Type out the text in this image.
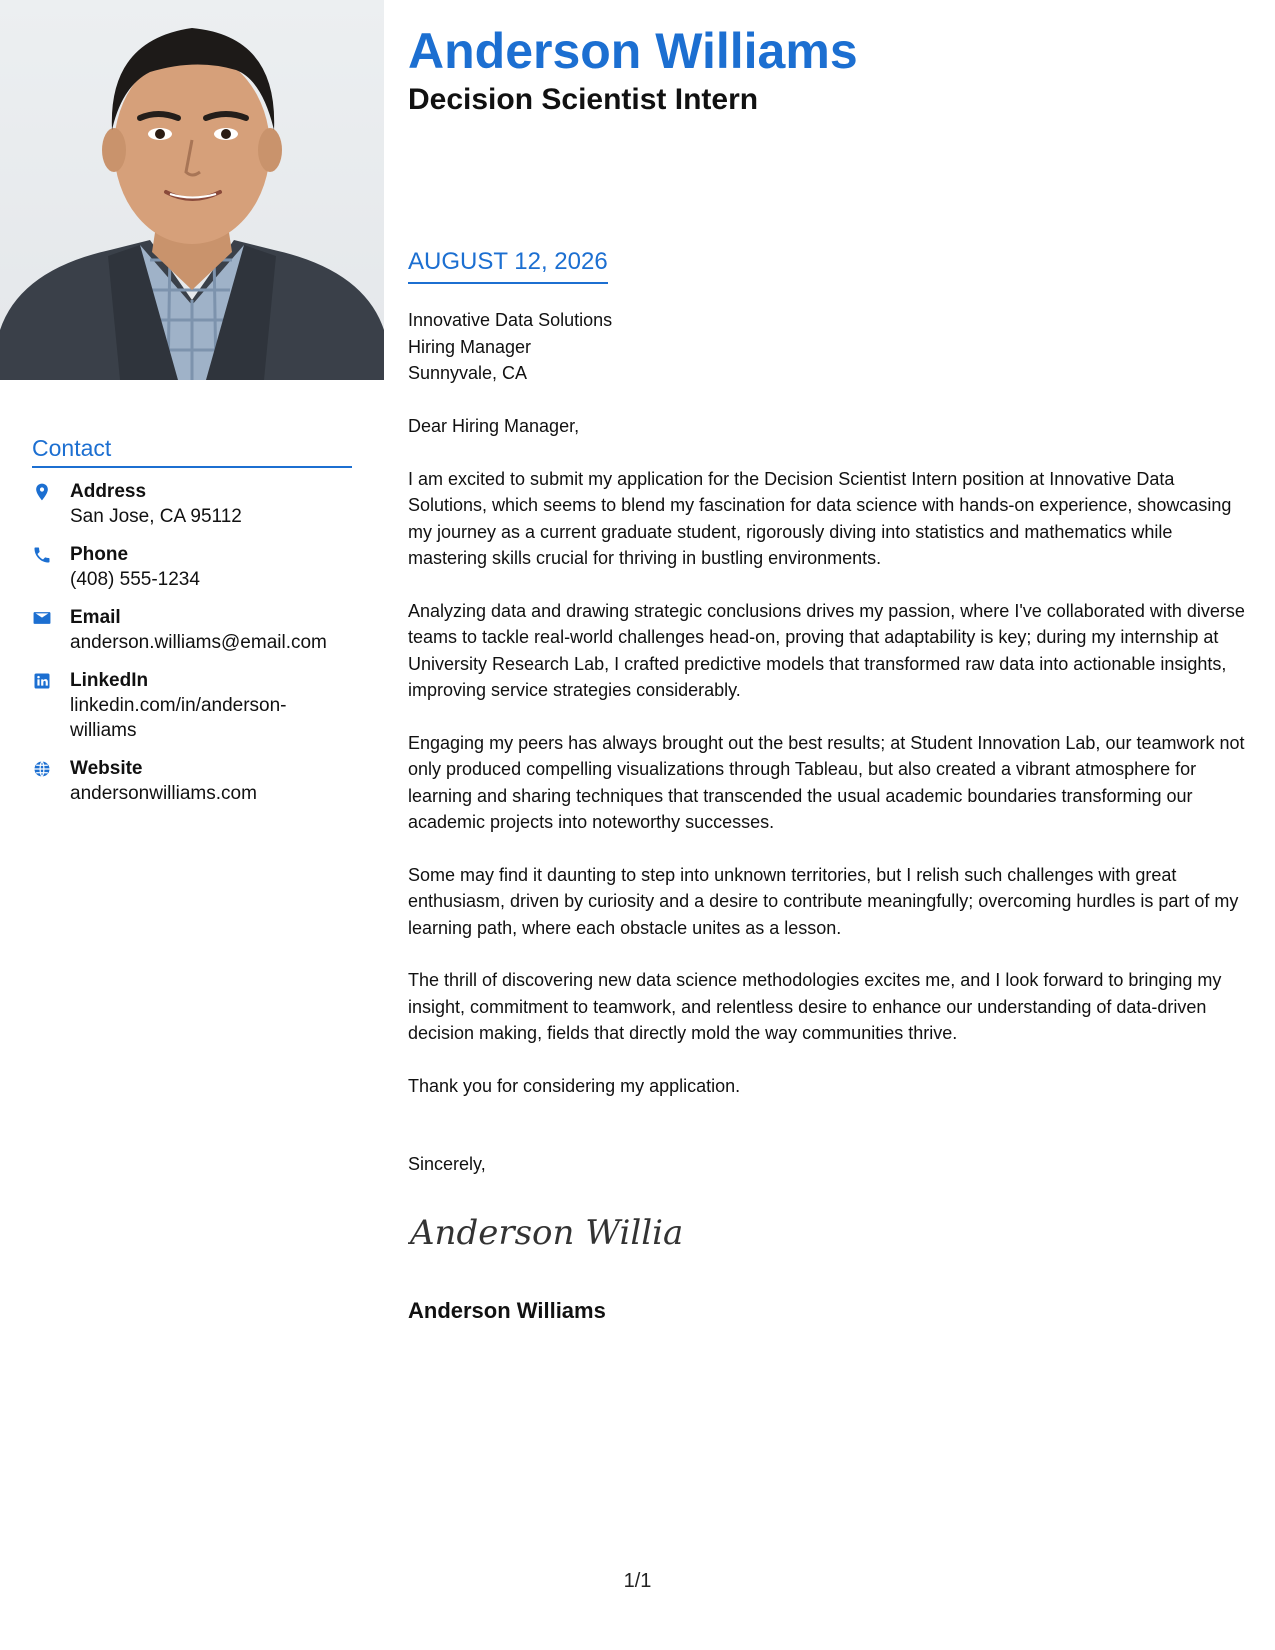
Contact
Address
San Jose, CA 95112
Phone
(408) 555-1234
Email
anderson.williams@email.com
LinkedIn
linkedin.com/in/anderson-williams
Website
andersonwilliams.com
Anderson Williams
Decision Scientist Intern
AUGUST 12, 2026
Innovative Data Solutions
Hiring Manager
Sunnyvale, CA

Dear Hiring Manager,

I am excited to submit my application for the Decision Scientist Intern position at Innovative Data Solutions, which seems to blend my fascination for data science with hands-on experience, showcasing my journey as a current graduate student, rigorously diving into statistics and mathematics while mastering skills crucial for thriving in bustling environments.

Analyzing data and drawing strategic conclusions drives my passion, where I've collaborated with diverse teams to tackle real-world challenges head-on, proving that adaptability is key; during my internship at University Research Lab, I crafted predictive models that transformed raw data into actionable insights, improving service strategies considerably.

Engaging my peers has always brought out the best results; at Student Innovation Lab, our teamwork not only produced compelling visualizations through Tableau, but also created a vibrant atmosphere for learning and sharing techniques that transcended the usual academic boundaries transforming our academic projects into noteworthy successes.

Some may find it daunting to step into unknown territories, but I relish such challenges with great enthusiasm, driven by curiosity and a desire to contribute meaningfully; overcoming hurdles is part of my learning path, where each obstacle unites as a lesson.

The thrill of discovering new data science methodologies excites me, and I look forward to bringing my insight, commitment to teamwork, and relentless desire to enhance our understanding of data-driven decision making, fields that directly mold the way communities thrive.

Thank you for considering my application.

Sincerely,
Anderson Willia
Anderson Williams
1/1
